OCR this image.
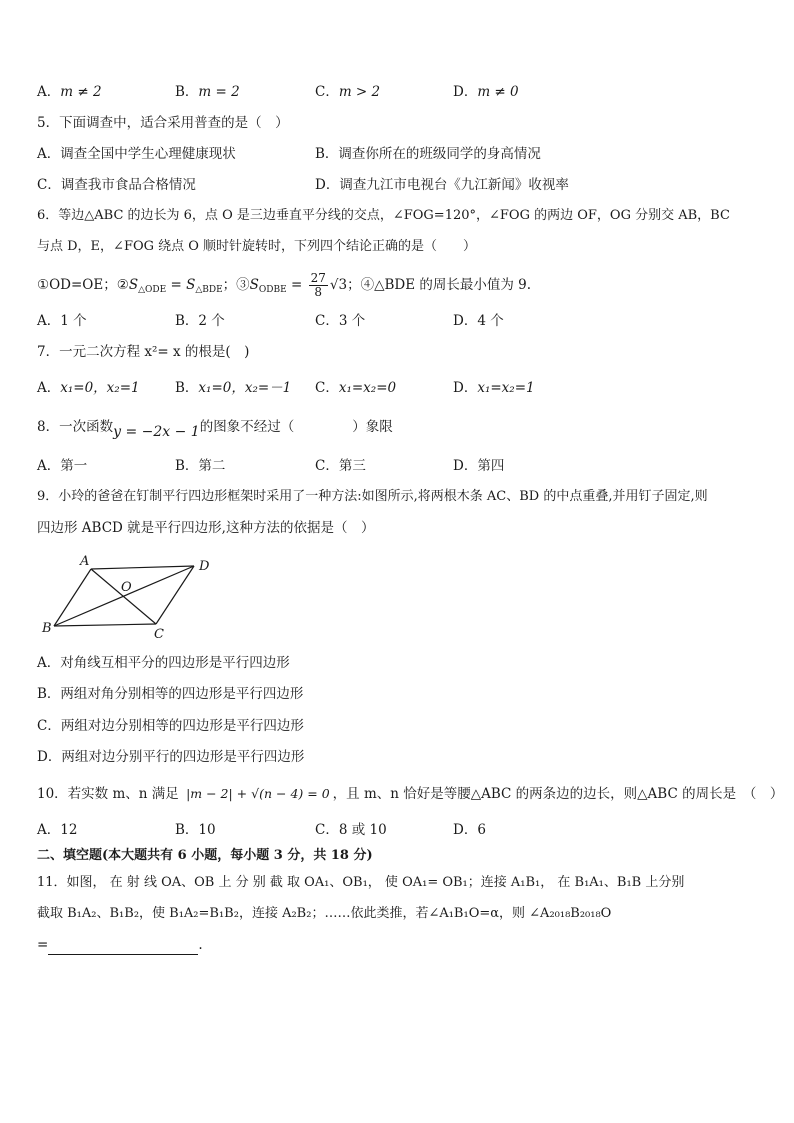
A．m ≠ 2	B．m = 2	C．m > 2	D．m ≠ 0
5．下面调查中，适合采用普查的是（　）
A．调查全国中学生心理健康现状	B．调查你所在的班级同学的身高情况
C．调查我市食品合格情况	D．调查九江市电视台《九江新闻》收视率
6．等边△ABC 的边长为 6，点 O 是三边垂直平分线的交点，∠FOG=120°，∠FOG 的两边 OF，OG 分别交 AB，BC
与点 D，E，∠FOG 绕点 O 顺时针旋转时，下列四个结论正确的是（　　）
①OD=OE；$②S_{\triangle ODE} = S_{\triangle BDE}$；$③S_{ODBE} = \frac{27}{8} √3$；④△BDE 的周长最小值为 9.
A．1 个	B．2 个	C．3 个	D．4 个
7．一元二次方程 x²= x 的根是(　)
A．x₁=0，x₂=1	B．x₁=0，x₂=－1 C．x₁=x₂=0	D．x₁=x₂=1
8．一次函数y = −2x − 1的图象不经过（	）象限
A．第一	B．第二	C．第三	D．第四
9．小玲的爸爸在钉制平行四边形框架时采用了一种方法:如图所示,将两根木条 AC、BD 的中点重叠,并用钉子固定,则
四边形 ABCD 就是平行四边形,这种方法的依据是（　）
A	D
O
B	C
A．对角线互相平分的四边形是平行四边形
B．两组对角分别相等的四边形是平行四边形
C．两组对边分别相等的四边形是平行四边形
D．两组对边分别平行的四边形是平行四边形
10．若实数 m、n 满足 |m − 2| + √(n − 4) = 0 ，且 m、n 恰好是等腰△ABC 的两条边的边长，则△ABC 的周长是　（　）
A．12	B．10	C．8 或 10	D．6
二、填空题(本大题共有 6 小题，每小题 3 分，共 18 分)
11．如图， 在 射 线 OA、OB 上 分 别 截 取 OA₁、OB₁， 使 OA₁= OB₁；连接 A₁B₁， 在 B₁A₁、B₁B 上分别
截取 B₁A₂、B₁B₂，使 B₁A₂=B₁B₂，连接 A₂B₂；……依此类推，若∠A₁B₁O=α，则 ∠A₂₀₁₈B₂₀₁₈O
=	.
